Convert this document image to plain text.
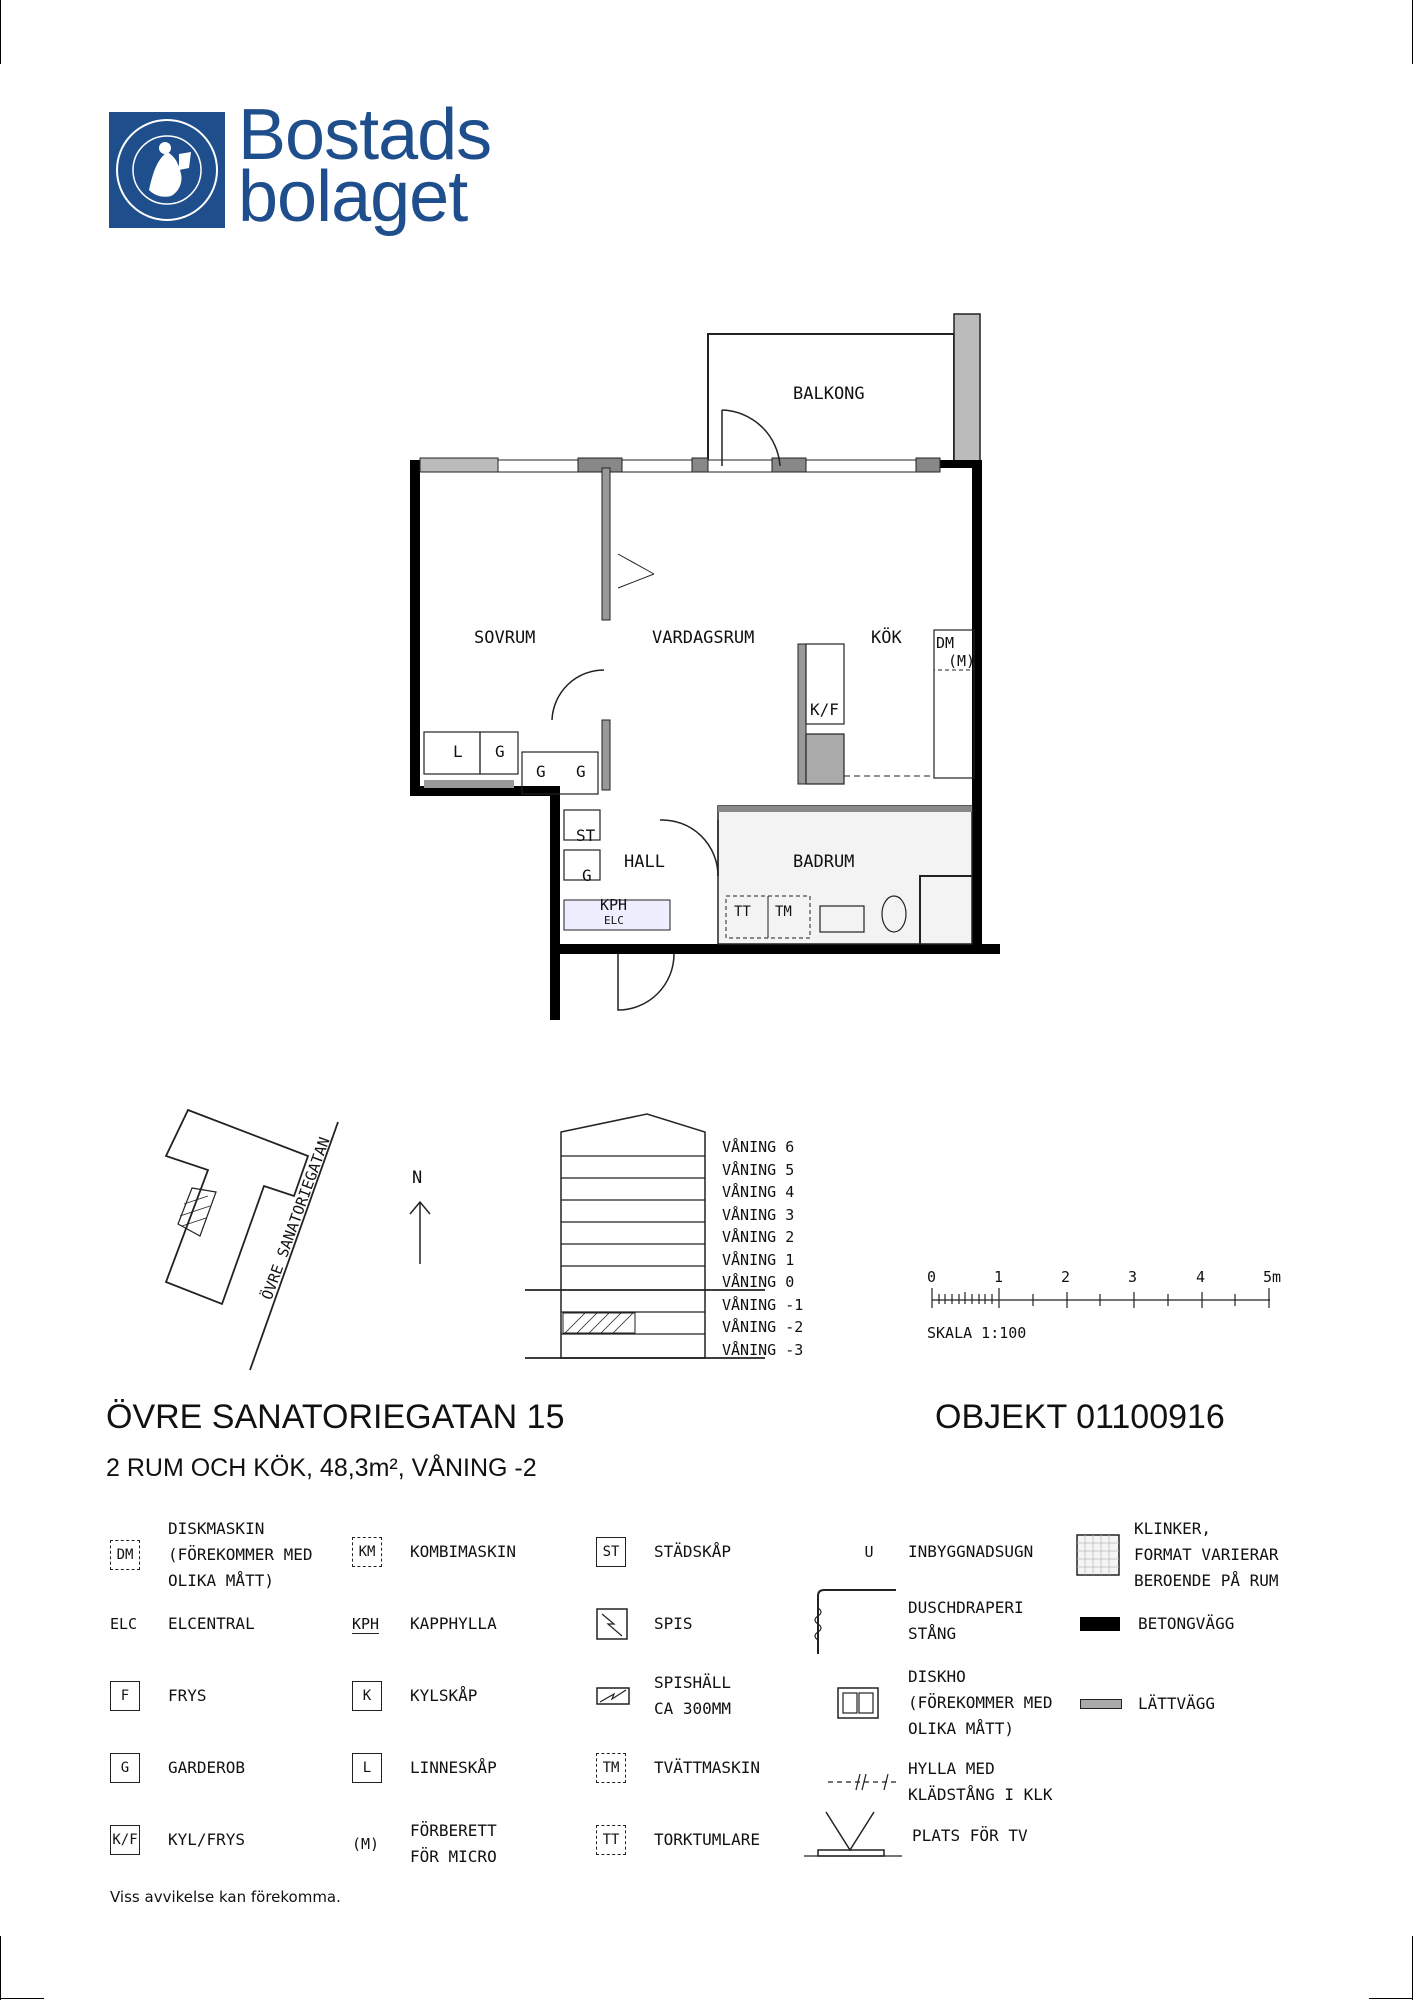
Bostads
bolaget
BALKONG
SOVRUM	VARDAGSRUM	KÖK
HALL	BADRUM
DM
(M)
K/F
L G
G G
ST
G
KPH
ELC
TT TM
ÖVRE SANATORIEGATAN	N
VÅNING 6
VÅNING 5
VÅNING 4
VÅNING 3
VÅNING 2
VÅNING 1
VÅNING 0
VÅNING -1
VÅNING -2
VÅNING -3
0	1	2	3	4	5m
SKALA 1:100
ÖVRE SANATORIEGATAN 15
2 RUM OCH KÖK, 48,3m², VÅNING -2
OBJEKT 01100916
DM
DISKMASKIN
(FÖREKOMMER MED
OLIKA MÅTT)
ELC ELCENTRAL
F	FRYS
G	GARDEROB
K/F KYL/FRYS
KM	KOMBIMASKIN
KPH KAPPHYLLA
K	KYLSKÅP
L	LINNESKÅP
(M)
FÖRBERETT
FÖR MICRO
ST	STÄDSKÅP
SPIS
SPISHÄLL
CA 300MM
TM	TVÄTTMASKIN
TT	TORKTUMLARE
U INBYGGNADSUGN
DUSCHDRAPERI
STÅNG
DISKHO
(FÖREKOMMER MED
OLIKA MÅTT)
HYLLA MED
KLÄDSTÅNG I KLK
PLATS FÖR TV
KLINKER,
FORMAT VARIERAR
BEROENDE PÅ RUM
BETONGVÄGG
LÄTTVÄGG
Viss avvikelse kan förekomma.
